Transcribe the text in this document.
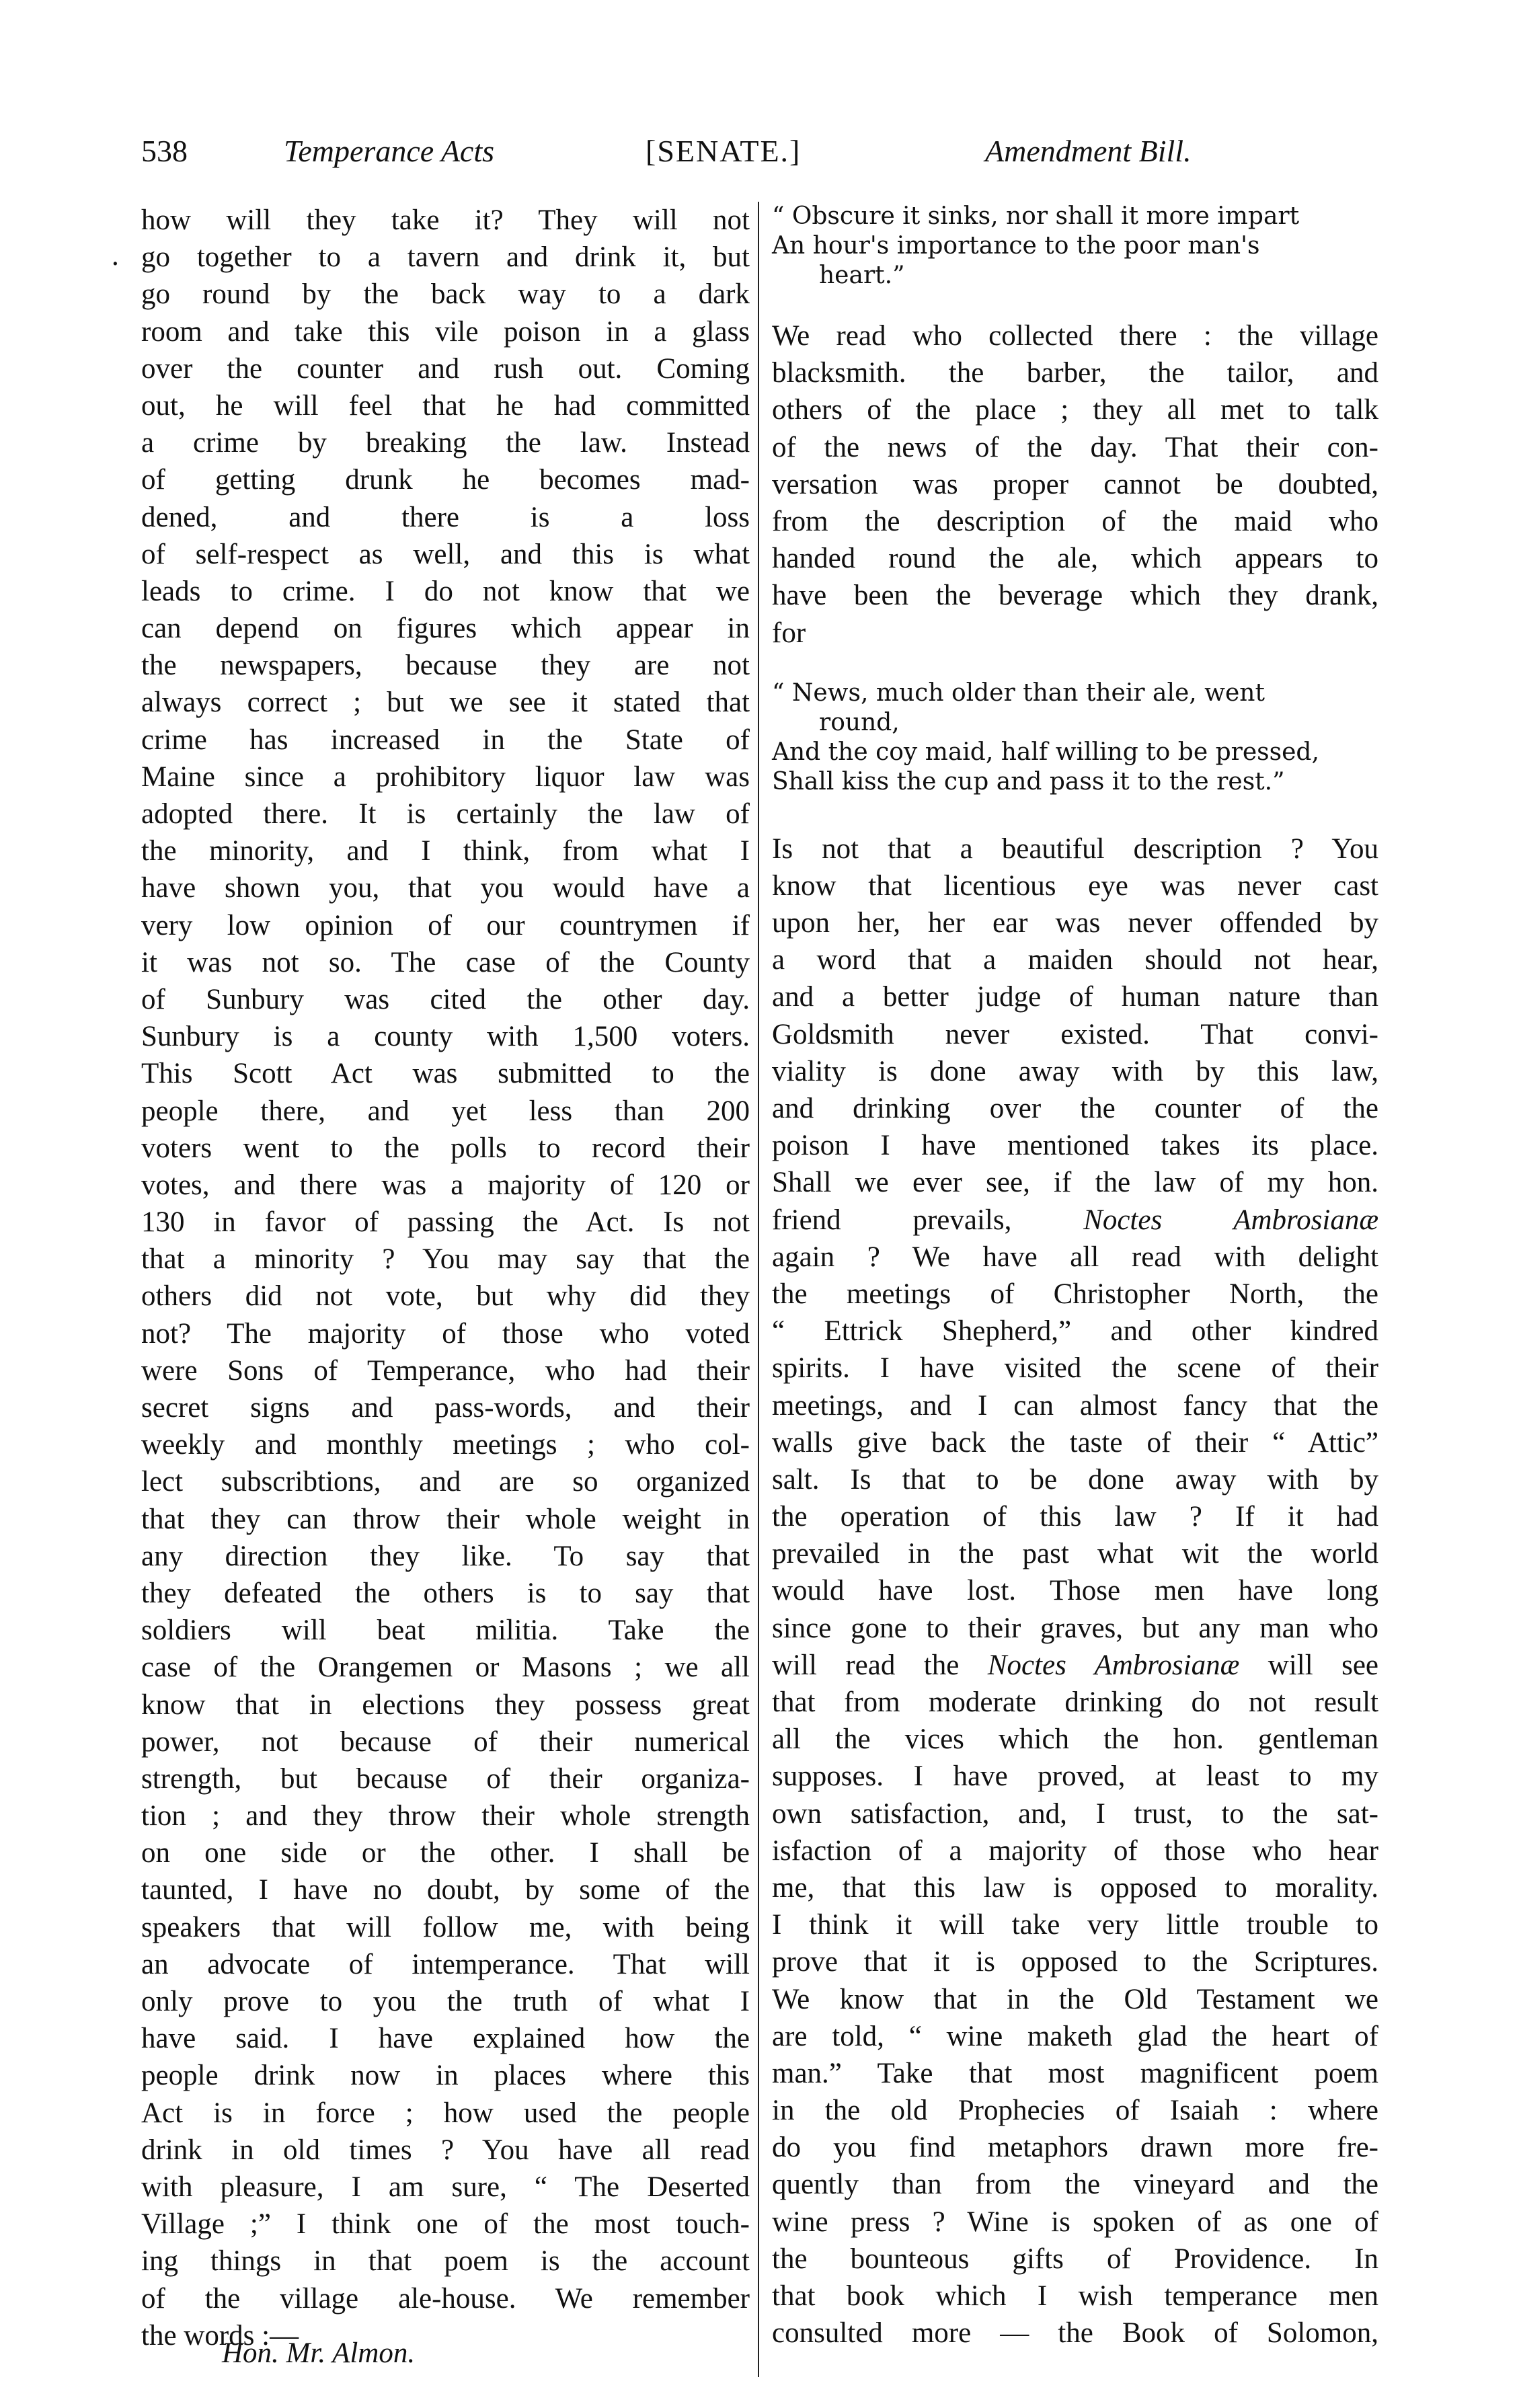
538	Temperance Acts	[SENATE.]	Amendment Bill.
.
how will they take it? They will not
go together to a tavern and drink it, but
go round by the back way to a dark
room and take this vile poison in a glass
over the counter and rush out. Coming
out, he will feel that he had committed
a crime by breaking the law. Instead
of getting drunk he becomes mad-
dened, and there is a loss
of self-respect as well, and this is what
leads to crime. I do not know that we
can depend on figures which appear in
the newspapers, because they are not
always correct ; but we see it stated that
crime has increased in the State of
Maine since a prohibitory liquor law was
adopted there. It is certainly the law of
the minority, and I think, from what I
have shown you, that you would have a
very low opinion of our countrymen if
it was not so. The case of the County
of Sunbury was cited the other day.
Sunbury is a county with 1,500 voters.
This Scott Act was submitted to the
people there, and yet less than 200
voters went to the polls to record their
votes, and there was a majority of 120 or
130 in favor of passing the Act. Is not
that a minority ? You may say that the
others did not vote, but why did they
not? The majority of those who voted
were Sons of Temperance, who had their
secret signs and pass-words, and their
weekly and monthly meetings ; who col-
lect subscribtions, and are so organized
that they can throw their whole weight in
any direction they like. To say that
they defeated the others is to say that
soldiers will beat militia. Take the
case of the Orangemen or Masons ; we all
know that in elections they possess great
power, not because of their numerical
strength, but because of their organiza-
tion ; and they throw their whole strength
on one side or the other. I shall be
taunted, I have no doubt, by some of the
speakers that will follow me, with being
an advocate of intemperance. That will
only prove to you the truth of what I
have said. I have explained how the
people drink now in places where this
Act is in force ; how used the people
drink in old times ? You have all read
with pleasure, I am sure, “ The Deserted
Village ;” I think one of the most touch-
ing things in that poem is the account
of the village ale-house. We remember
the words :—
“ Obscure it sinks, nor shall it more impart
An hour's importance to the poor man's
heart.”
We read who collected there : the village
blacksmith. the barber, the tailor, and
others of the place ; they all met to talk
of the news of the day. That their con-
versation was proper cannot be doubted,
from the description of the maid who
handed round the ale, which appears to
have been the beverage which they drank,
for
“ News, much older than their ale, went
round,
And the coy maid, half willing to be pressed,
Shall kiss the cup and pass it to the rest.”
Is not that a beautiful description ? You
know that licentious eye was never cast
upon her, her ear was never offended by
a word that a maiden should not hear,
and a better judge of human nature than
Goldsmith never existed. That convi-
viality is done away with by this law,
and drinking over the counter of the
poison I have mentioned takes its place.
Shall we ever see, if the law of my hon.
friend prevails, Noctes Ambrosianæ
again ? We have all read with delight
the meetings of Christopher North, the
“ Ettrick Shepherd,” and other kindred
spirits. I have visited the scene of their
meetings, and I can almost fancy that the
walls give back the taste of their “ Attic”
salt. Is that to be done away with by
the operation of this law ? If it had
prevailed in the past what wit the world
would have lost. Those men have long
since gone to their graves, but any man who
will read the Noctes Ambrosianæ will see
that from moderate drinking do not result
all the vices which the hon. gentleman
supposes. I have proved, at least to my
own satisfaction, and, I trust, to the sat-
isfaction of a majority of those who hear
me, that this law is opposed to morality.
I think it will take very little trouble to
prove that it is opposed to the Scriptures.
We know that in the Old Testament we
are told, “ wine maketh glad the heart of
man.” Take that most magnificent poem
in the old Prophecies of Isaiah : where
do you find metaphors drawn more fre-
quently than from the vineyard and the
wine press ? Wine is spoken of as one of
the bounteous gifts of Providence. In
that book which I wish temperance men
consulted more — the Book of Solomon,
Hon. Mr. Almon.
